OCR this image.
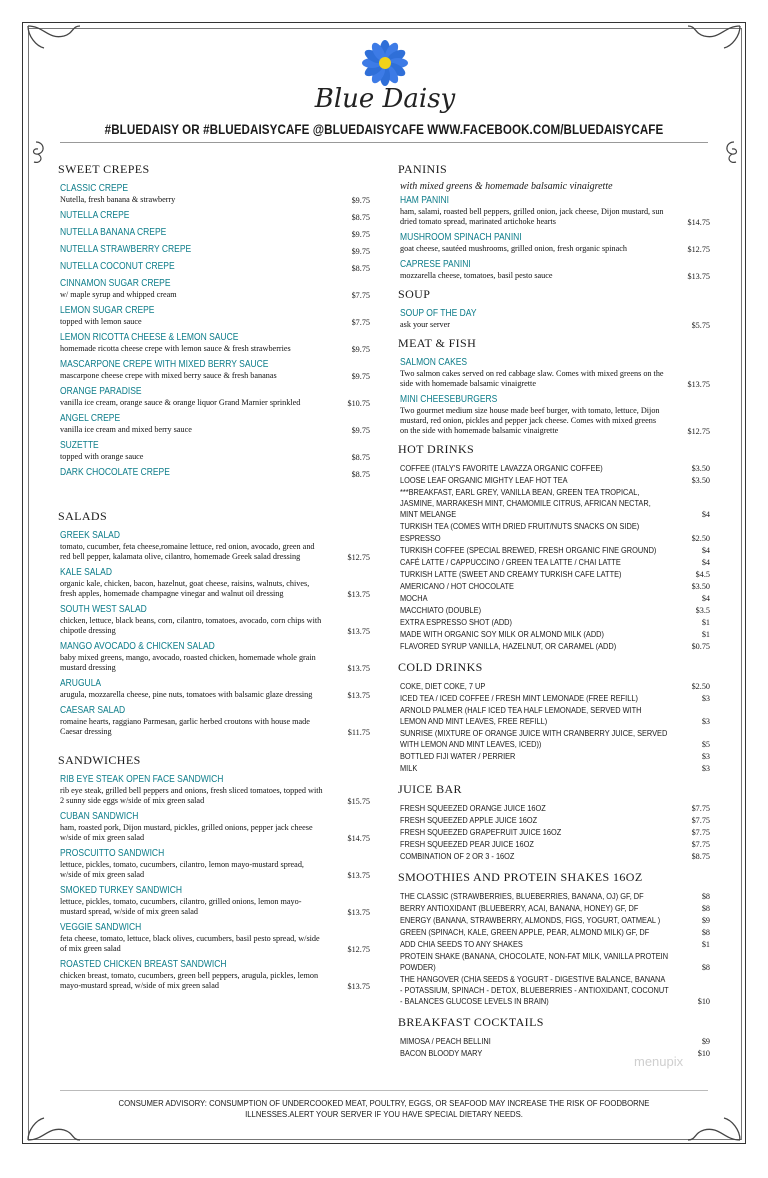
Blue Daisy
#BLUEDAISY OR #BLUEDAISYCAFE @BLUEDAISYCAFE WWW.FACEBOOK.COM/BLUEDAISYCAFE
SWEET CREPES
CLASSIC CREPE
Nutella, fresh banana & strawberry	$9.75
NUTELLA CREPE	$8.75
NUTELLA BANANA CREPE	$9.75
NUTELLA STRAWBERRY CREPE	$9.75
NUTELLA COCONUT CREPE	$8.75
CINNAMON SUGAR CREPE
w/ maple syrup and whipped cream	$7.75
LEMON SUGAR CREPE
topped with lemon sauce	$7.75
LEMON RICOTTA CHEESE & LEMON SAUCE
homemade ricotta cheese crepe with lemon sauce & fresh strawberries	$9.75
MASCARPONE CREPE WITH MIXED BERRY SAUCE
mascarpone cheese crepe with mixed berry sauce & fresh bananas	$9.75
ORANGE PARADISE
vanilla ice cream, orange sauce & orange liquor Grand Marnier sprinkled	$10.75
ANGEL CREPE
vanilla ice cream and mixed berry sauce	$9.75
SUZETTE
topped with orange sauce	$8.75
DARK CHOCOLATE CREPE	$8.75
SALADS
GREEK SALAD
tomato, cucumber, feta cheese,romaine lettuce, red onion, avocado, green and red bell pepper, kalamata olive, cilantro, homemade Greek salad dressing	$12.75
KALE SALAD
organic kale, chicken, bacon, hazelnut, goat cheese, raisins, walnuts, chives, fresh apples, homemade champagne vinegar and walnut oil dressing	$13.75
SOUTH WEST SALAD
chicken, lettuce, black beans, corn, cilantro, tomatoes, avocado, corn chips with chipotle dressing	$13.75
MANGO AVOCADO & CHICKEN SALAD
baby mixed greens, mango, avocado, roasted chicken, homemade whole grain mustard dressing	$13.75
ARUGULA
arugula, mozzarella cheese, pine nuts, tomatoes with balsamic glaze dressing	$13.75
CAESAR SALAD
romaine hearts, raggiano Parmesan, garlic herbed croutons with house made Caesar dressing	$11.75
SANDWICHES
RIB EYE STEAK OPEN FACE SANDWICH
rib eye steak, grilled bell peppers and onions, fresh sliced tomatoes, topped with 2 sunny side eggs w/side of mix green salad	$15.75
CUBAN SANDWICH
ham, roasted pork, Dijon mustard, pickles, grilled onions, pepper jack cheese w/side of mix green salad	$14.75
PROSCUITTO SANDWICH
lettuce, pickles, tomato, cucumbers, cilantro, lemon mayo-mustard spread, w/side of mix green salad	$13.75
SMOKED TURKEY SANDWICH
lettuce, pickles, tomato, cucumbers, cilantro, grilled onions, lemon mayo-mustard spread, w/side of mix green salad	$13.75
VEGGIE SANDWICH
feta cheese, tomato, lettuce, black olives, cucumbers, basil pesto spread, w/side of mix green salad	$12.75
ROASTED CHICKEN BREAST SANDWICH
chicken breast, tomato, cucumbers, green bell peppers, arugula, pickles, lemon mayo-mustard spread, w/side of mix green salad	$13.75
PANINIS
with mixed greens & homemade balsamic vinaigrette
HAM PANINI
ham, salami, roasted bell peppers, grilled onion, jack cheese, Dijon mustard, sun dried tomato spread, marinated artichoke hearts	$14.75
MUSHROOM SPINACH PANINI
goat cheese, sautéed mushrooms, grilled onion, fresh organic spinach	$12.75
CAPRESE PANINI
mozzarella cheese, tomatoes, basil pesto sauce	$13.75
SOUP
SOUP OF THE DAY
ask your server	$5.75
MEAT & FISH
SALMON CAKES
Two salmon cakes served on red cabbage slaw. Comes with mixed greens on the side with homemade balsamic vinaigrette	$13.75
MINI CHEESEBURGERS
Two gourmet medium size house made beef burger, with tomato, lettuce, Dijon mustard, red onion, pickles and pepper jack cheese. Comes with mixed greens on the side with homemade balsamic vinaigrette	$12.75
HOT DRINKS
COFFEE (ITALY'S FAVORITE LAVAZZA ORGANIC COFFEE)	$3.50
LOOSE LEAF ORGANIC MIGHTY LEAF HOT TEA	$3.50
***BREAKFAST, EARL GREY, VANILLA BEAN, GREEN TEA TROPICAL, JASMINE, MARRAKESH MINT, CHAMOMILE CITRUS, AFRICAN NECTAR, MINT MELANGE	$4
TURKISH TEA (COMES WITH DRIED FRUIT/NUTS SNACKS ON SIDE)
ESPRESSO	$2.50
TURKISH COFFEE (SPECIAL BREWED, FRESH ORGANIC FINE GROUND)	$4
CAFÉ LATTE / CAPPUCCINO / GREEN TEA LATTE / CHAI LATTE	$4
TURKISH LATTE (SWEET AND CREAMY TURKISH CAFE LATTE)	$4.5
AMERICANO / HOT CHOCOLATE	$3.50
MOCHA	$4
MACCHIATO (DOUBLE)	$3.5
EXTRA ESPRESSO SHOT (ADD)	$1
MADE WITH ORGANIC SOY MILK OR ALMOND MILK (ADD)	$1
FLAVORED SYRUP VANILLA, HAZELNUT, OR CARAMEL (ADD)	$0.75
COLD DRINKS
COKE, DIET COKE, 7 UP	$2.50
ICED TEA / ICED COFFEE / FRESH MINT LEMONADE (FREE REFILL)	$3
ARNOLD PALMER (HALF ICED TEA HALF LEMONADE, SERVED WITH LEMON AND MINT LEAVES, FREE REFILL)	$3
SUNRISE (MIXTURE OF ORANGE JUICE WITH CRANBERRY JUICE, SERVED WITH LEMON AND MINT LEAVES, ICED))	$5
BOTTLED FIJI WATER / PERRIER	$3
MILK	$3
JUICE BAR
FRESH SQUEEZED ORANGE JUICE 16OZ	$7.75
FRESH SQUEEZED APPLE JUICE 16OZ	$7.75
FRESH SQUEEZED GRAPEFRUIT JUICE 16OZ	$7.75
FRESH SQUEEZED PEAR JUICE 16OZ	$7.75
COMBINATION OF 2 OR 3 - 16OZ	$8.75
SMOOTHIES AND PROTEIN SHAKES 16OZ
THE CLASSIC (STRAWBERRIES, BLUEBERRIES, BANANA, OJ) GF, DF	$8
BERRY ANTIOXIDANT (BLUEBERRY, ACAI, BANANA, HONEY) GF, DF	$8
ENERGY (BANANA, STRAWBERRY, ALMONDS, FIGS, YOGURT, OATMEAL )	$9
GREEN (SPINACH, KALE, GREEN APPLE, PEAR, ALMOND MILK) GF, DF	$8
ADD CHIA SEEDS TO ANY SHAKES	$1
PROTEIN SHAKE (BANANA, CHOCOLATE, NON-FAT MILK, VANILLA PROTEIN POWDER)	$8
THE HANGOVER (CHIA SEEDS & YOGURT - DIGESTIVE BALANCE, BANANA - POTASSIUM, SPINACH - DETOX, BLUEBERRIES - ANTIOXIDANT, COCONUT - BALANCES GLUCOSE LEVELS IN BRAIN)	$10
BREAKFAST COCKTAILS
MIMOSA / PEACH BELLINI	$9
BACON BLOODY MARY	$10
menupix
CONSUMER ADVISORY: CONSUMPTION OF UNDERCOOKED MEAT, POULTRY, EGGS, OR SEAFOOD MAY INCREASE THE RISK OF FOODBORNE ILLNESSES.ALERT YOUR SERVER IF YOU HAVE SPECIAL DIETARY NEEDS.
